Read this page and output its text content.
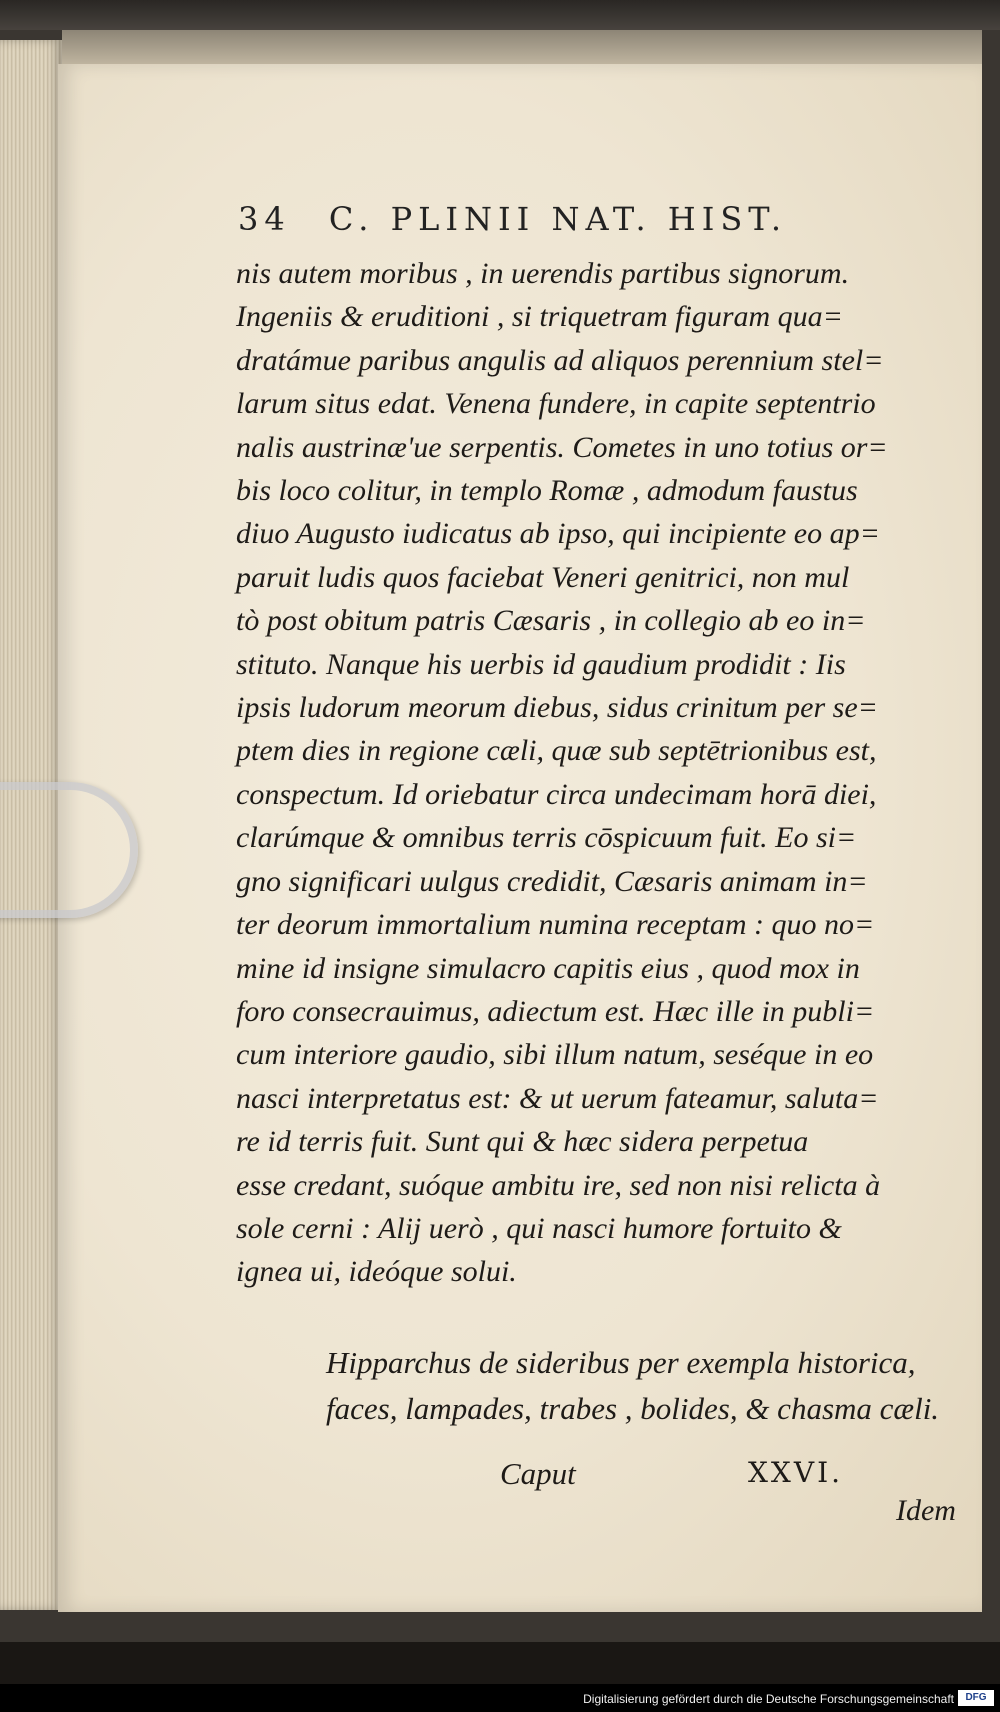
34 C. PLINII NAT. HIST.
nis autem moribus , in uerendis partibus signorum.
Ingeniis & eruditioni , si triquetram figuram qua=
dratámue paribus angulis ad aliquos perennium stel=
larum situs edat. Venena fundere, in capite septentrio
nalis austrinæ'ue serpentis. Cometes in uno totius or=
bis loco colitur, in templo Romæ , admodum faustus
diuo Augusto iudicatus ab ipso, qui incipiente eo ap=
paruit ludis quos faciebat Veneri genitrici, non mul
tò post obitum patris Cæsaris , in collegio ab eo in=
stituto. Nanque his uerbis id gaudium prodidit : Iis
ipsis ludorum meorum diebus, sidus crinitum per se=
ptem dies in regione cæli, quæ sub septētrionibus est,
conspectum. Id oriebatur circa undecimam horā diei,
clarúmque & omnibus terris cōspicuum fuit. Eo si=
gno significari uulgus credidit, Cæsaris animam in=
ter deorum immortalium numina receptam : quo no=
mine id insigne simulacro capitis eius , quod mox in
foro consecrauimus, adiectum est. Hæc ille in publi=
cum interiore gaudio, sibi illum natum, seséque in eo
nasci interpretatus est: & ut uerum fateamur, saluta=
re id terris fuit. Sunt qui & hæc sidera perpetua
esse credant, suóque ambitu ire, sed non nisi relicta à
sole cerni : Alij uerò , qui nasci humore fortuito &
ignea ui, ideóque solui.
Hipparchus de sideribus per exempla historica,
faces, lampades, trabes , bolides, & chasma cæli.
Caput	XXVI.
Idem
Digitalisierung gefördert durch die Deutsche Forschungsgemeinschaft	DFG
